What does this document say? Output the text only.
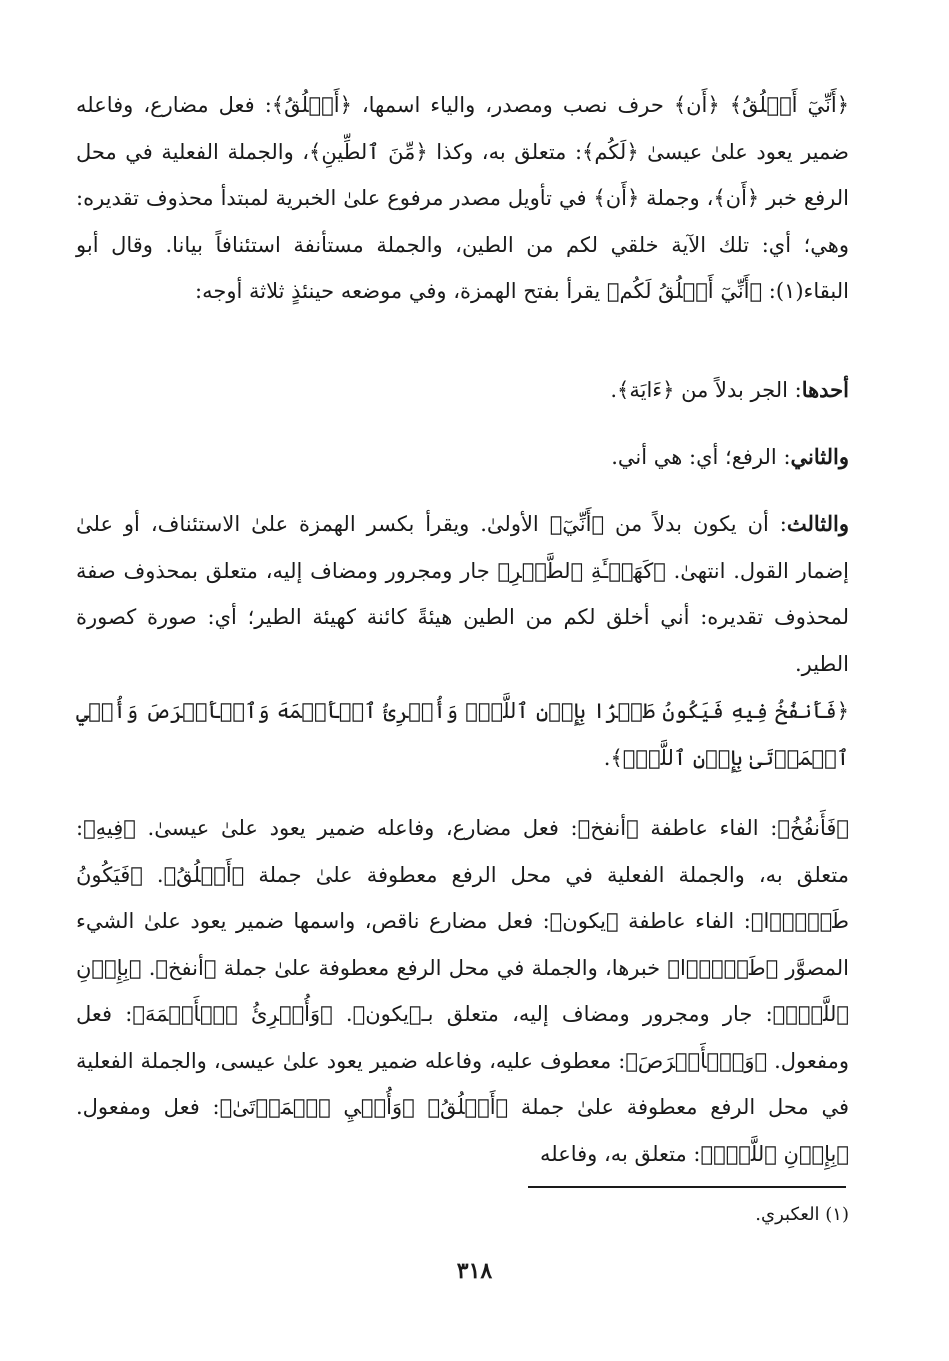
﴿أَنِّيٓ أَخۡلُقُ﴾ ﴿أَن﴾ حرف نصب ومصدر، والياء اسمها، ﴿أَخۡلُقُ﴾: فعل مضارع، وفاعله ضمير يعود علىٰ عيسىٰ ﴿لَكُم﴾: متعلق به، وكذا ﴿مِّنَ ٱلطِّينِ﴾، والجملة الفعلية في محل الرفع خبر ﴿أَن﴾، وجملة ﴿أَن﴾ في تأويل مصدر مرفوع علىٰ الخبرية لمبتدأ محذوف تقديره: وهي؛ أي: تلك الآية خلقي لكم من الطين، والجملة مستأنفة استئنافاً بيانا. وقال أبو البقاء(١): ﴿أَنِّيٓ أَخۡلُقُ لَكُم﴾ يقرأ بفتح الهمزة، وفي موضعه حينئذٍ ثلاثة أوجه:
أحدها: الجر بدلاً من ﴿ءَايَة﴾.
والثاني: الرفع؛ أي: هي أني.
والثالث: أن يكون بدلاً من ﴿أَنِّيٓ﴾ الأولىٰ. ويقرأ بكسر الهمزة علىٰ الاستئناف، أو علىٰ إضمار القول. انتهىٰ. ﴿كَهَيۡـَٔةِ ٱلطَّيۡرِ﴾ جار ومجرور ومضاف إليه، متعلق بمحذوف صفة لمحذوف تقديره: أني أخلق لكم من الطين هيئةً كائنة كهيئة الطير؛ أي: صورة كصورة الطير.
﴿فَأَنفُخُ فِيهِ فَيَكُونُ طَيۡرَۢا بِإِذۡنِ ٱللَّهِۖ وَأُبۡرِئُ ٱلۡأَكۡمَهَ وَٱلۡأَبۡرَصَ وَأُحۡيِ ٱلۡمَوۡتَىٰ بِإِذۡنِ ٱللَّهِۖ﴾.
﴿فَأَنفُخُ﴾: الفاء عاطفة ﴿أنفخ﴾: فعل مضارع، وفاعله ضمير يعود علىٰ عيسىٰ. ﴿فِيهِ﴾: متعلق به، والجملة الفعلية في محل الرفع معطوفة علىٰ جملة ﴿أَخۡلُقُ﴾. ﴿فَيَكُونُ طَيۡرَۢا﴾: الفاء عاطفة ﴿يكون﴾: فعل مضارع ناقص، واسمها ضمير يعود علىٰ الشيء المصوَّر ﴿طَيۡرَۢا﴾ خبرها، والجملة في محل الرفع معطوفة علىٰ جملة ﴿أنفخ﴾. ﴿بِإِذۡنِ ٱللَّهِۖ﴾: جار ومجرور ومضاف إليه، متعلق بـ﴿يكون﴾. ﴿وَأُبۡرِئُ ٱلۡأَكۡمَهَ﴾: فعل ومفعول. ﴿وَٱلۡأَبۡرَصَ﴾: معطوف عليه، وفاعله ضمير يعود علىٰ عيسى، والجملة الفعلية في محل الرفع معطوفة علىٰ جملة ﴿أَخۡلُقُ﴾ ﴿وَأُحۡيِ ٱلۡمَوۡتَىٰ﴾: فعل ومفعول. ﴿بِإِذۡنِ ٱللَّهِۖ﴾: متعلق به، وفاعله
(١) العكبري.
٣١٨
